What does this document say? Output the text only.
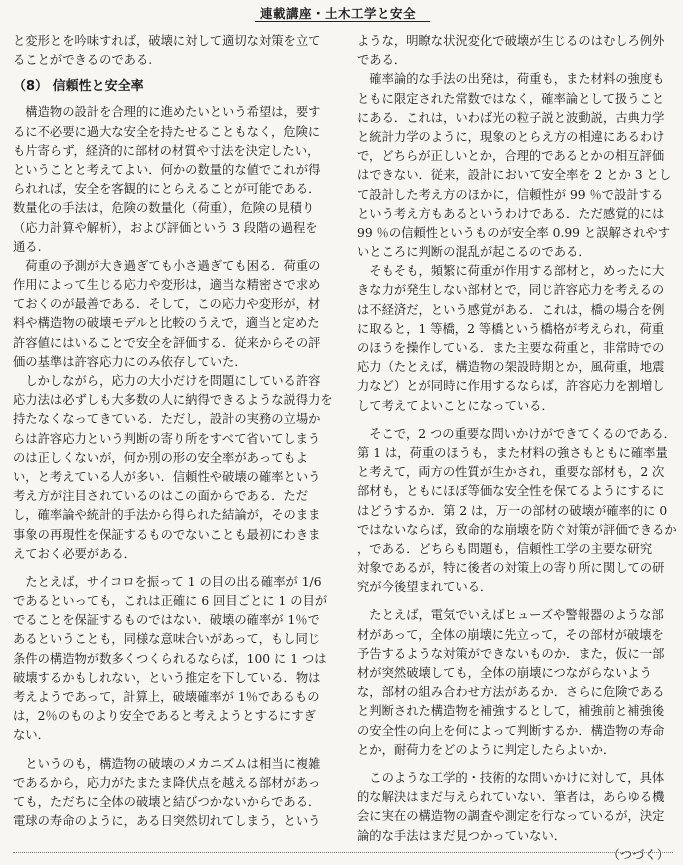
連載講座・土木工学と安全
と変形とを吟味すれば，破壊に対して適切な対策を立て
ることができるのである.
（8） 信頼性と安全率
　構造物の設計を合理的に進めたいという希望は，要す
るに不必要に過大な安全を持たせることもなく，危険に
も片寄らず，経済的に部材の材質や寸法を決定したい，
ということと考えてよい．何かの数量的な値でこれが得
られれば，安全を客観的にとらえることが可能である．
数量化の手法は，危険の数量化（荷重），危険の見積り
（応力計算や解析），および評価という 3 段階の過程を
通る.
　荷重の予測が大き過ぎても小さ過ぎても困る．荷重の
作用によって生じる応力や変形は，適当な精密さで求め
ておくのが最善である．そして，この応力や変形が，材
料や構造物の破壊モデルと比較のうえで，適当と定めた
許容値にはいることで安全を評価する．従来からその評
価の基準は許容応力にのみ依存していた．
　しかしながら，応力の大小だけを問題にしている許容
応力法は必ずしも大多数の人に納得できるような説得力を
持たなくなってきている．ただし，設計の実務の立場か
らは許容応力という判断の寄り所をすべて省いてしまう
のは正しくないが，何か別の形の安全率があってもよ
い，と考えている人が多い．信頼性や破壊の確率という
考え方が注目されているのはこの面からである．ただ
し，確率論や統計的手法から得られた結論が，そのまま
事象の再現性を保証するものでないことも最初にわきま
えておく必要がある．
　たとえば，サイコロを振って 1 の目の出る確率が 1/6
であるといっても，これは正確に 6 回目ごとに 1 の目が
でることを保証するものではない．破壊の確率が 1％で
あるということも，同様な意味合いがあって，もし同じ
条件の構造物が数多くつくられるならば，100 に 1 つは
破壊するかもしれない，という推定を下している．物は
考えようであって，計算上，破壊確率が 1％であるもの
は，2％のものより安全であると考えようとするにすぎ
ない．
　というのも，構造物の破壊のメカニズムは相当に複雑
であるから，応力がたまたま降伏点を越える部材があっ
ても，ただちに全体の破壊と結びつかないからである．
電球の寿命のように，ある日突然切れてしまう，という
ような，明瞭な状況変化で破壊が生じるのはむしろ例外
である．
　確率論的な手法の出発は，荷重も，また材料の強度も
ともに限定された常数ではなく，確率論として扱うこと
にある．これは，いわば光の粒子説と波動説，古典力学
と統計力学のように，現象のとらえ方の相違にあるわけ
で，どちらが正しいとか，合理的であるとかの相互評価
はできない．従来，設計において安全率を 2 とか 3 とし
て設計した考え方のほかに，信頼性が 99 ％で設計する
という考え方もあるというわけである．ただ感覚的には
99 ％の信頼性というものが安全率 0.99 と誤解されやす
いところに判断の混乱が起こるのである．
　そもそも，頻繁に荷重が作用する部材と，めったに大
きな力が発生しない部材とで，同じ許容応力を考えるの
は不経済だ，という感覚がある．これは，橋の場合を例
に取ると，1 等橋，2 等橋という橋格が考えられ，荷重
のほうを操作している．また主要な荷重と，非常時での
応力（たとえば，構造物の架設時期とか，風荷重，地震
力など）とが同時に作用するならば，許容応力を割増し
して考えてよいことになっている．
　そこで，2 つの重要な問いかけができてくるのである．
第 1 は，荷重のほうも，また材料の強さもともに確率量
と考えて，両方の性質が生かされ，重要な部材も，2 次
部材も，ともにほぼ等価な安全性を保てるようにするに
はどうするか．第 2 は，万一の部材の破壊が確率的に 0
ではないならば，致命的な崩壊を防ぐ対策が評価できるか
，である．どちらも問題も，信頼性工学の主要な研究
対象であるが，特に後者の対策上の寄り所に関しての研
究が今後望まれている．
　たとえば，電気でいえばヒューズや警報器のような部
材があって，全体の崩壊に先立って，その部材が破壊を
予告するような対策ができないものか．また，仮に一部
材が突然破壊しても，全体の崩壊につながらないよう
な，部材の組み合わせ方法があるか．さらに危険である
と判断された構造物を補強するとして，補強前と補強後
の安全性の向上を何によって判断するか．構造物の寿命
とか，耐荷力をどのように判定したらよいか．
　このような工学的・技術的な問いかけに対して，具体
的な解決はまだ与えられていない．筆者は，あらゆる機
会に実在の構造物の調査や測定を行なっているが，決定
論的な手法はまだ見つかっていない．
（つづく）
